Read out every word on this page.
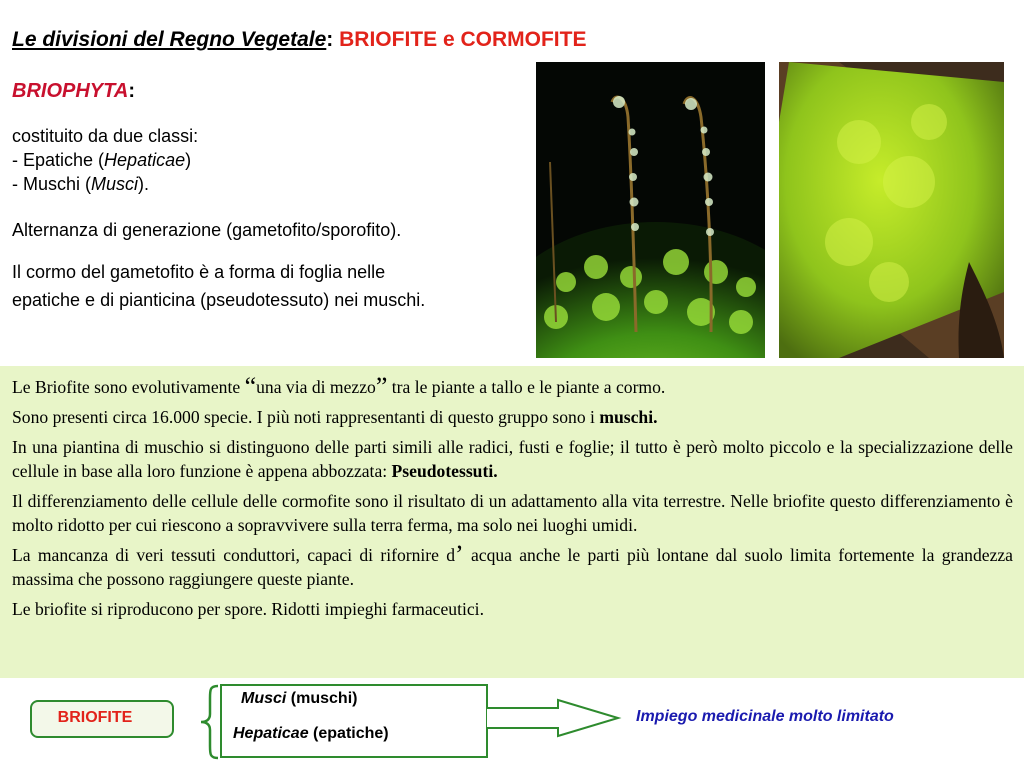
Le divisioni del Regno Vegetale: BRIOFITE e CORMOFITE
BRIOPHYTA:
costituito da due classi:
- Epatiche (Hepaticae)
- Muschi (Musci).
Alternanza di generazione (gametofito/sporofito).
Il cormo del gametofito è a forma di foglia nelle
epatiche e di pianticina (pseudotessuto) nei muschi.

Le Briofite sono evolutivamente “una via di mezzo” tra le piante a tallo e le piante a cormo.

Sono presenti circa 16.000 specie. I più noti rappresentanti di questo gruppo sono i muschi.

In una piantina di muschio si distinguono delle parti simili alle radici, fusti e foglie; il tutto è però molto piccolo e la specializzazione delle cellule in base alla loro funzione è appena abbozzata: Pseudotessuti.

Il differenziamento delle cellule delle cormofite sono il risultato di un adattamento alla vita terrestre. Nelle briofite questo differenziamento è molto ridotto per cui riescono a sopravvivere sulla terra ferma, ma solo nei luoghi umidi.

La mancanza di veri tessuti conduttori, capaci di rifornire d’ acqua anche le parti più lontane dal suolo limita fortemente la grandezza massima che possono raggiungere queste piante.

Le briofite si riproducono per spore. Ridotti impieghi farmaceutici.

BRIOFITE
Musci (muschi)
Hepaticae (epatiche)
Impiego medicinale molto limitato
